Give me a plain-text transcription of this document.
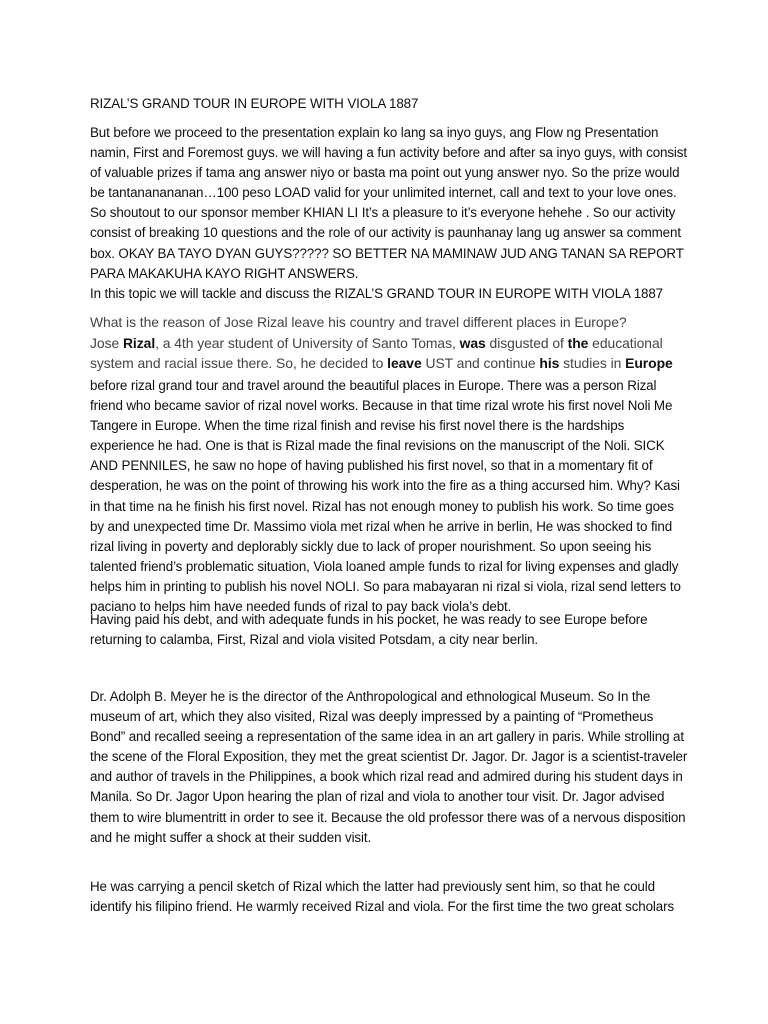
RIZAL’S GRAND TOUR IN EUROPE WITH VIOLA 1887

But before we proceed to the presentation explain ko lang sa inyo guys, ang Flow ng Presentation namin, First and Foremost guys. we will having a fun activity before and after sa inyo guys, with consist of valuable prizes if tama ang answer niyo or basta ma point out yung answer nyo. So the prize would be tantananananan…100 peso LOAD valid for your unlimited internet, call and text to your love ones. So shoutout to our sponsor member KHIAN LI It’s a pleasure to it’s everyone hehehe . So our activity consist of breaking 10 questions and the role of our activity is paunhanay lang ug answer sa comment box. OKAY BA TAYO DYAN GUYS????? SO BETTER NA MAMINAW JUD ANG TANAN SA REPORT PARA MAKAKUHA KAYO RIGHT ANSWERS.

In this topic we will tackle and discuss the RIZAL’S GRAND TOUR IN EUROPE WITH VIOLA 1887

What is the reason of Jose Rizal leave his country and travel different places in Europe?
Jose Rizal, a 4th year student of University of Santo Tomas, was disgusted of the educational system and racial issue there. So, he decided to leave UST and continue his studies in Europe

before rizal grand tour and travel around the beautiful places in Europe. There was a person Rizal friend who became savior of rizal novel works. Because in that time rizal wrote his first novel Noli Me Tangere in Europe. When the time rizal finish and revise his first novel there is the hardships experience he had. One is that is Rizal made the final revisions on the manuscript of the Noli. SICK AND PENNILES, he saw no hope of having published his first novel, so that in a momentary fit of desperation, he was on the point of throwing his work into the fire as a thing accursed him. Why? Kasi in that time na he finish his first novel. Rizal has not enough money to publish his work. So time goes by and unexpected time Dr. Massimo viola met rizal when he arrive in berlin, He was shocked to find rizal living in poverty and deplorably sickly due to lack of proper nourishment. So upon seeing his talented friend’s problematic situation, Viola loaned ample funds to rizal for living expenses and gladly helps him in printing to publish his novel NOLI. So para mabayaran ni rizal si viola, rizal send letters to paciano to helps him have needed funds of rizal to pay back viola’s debt.

Having paid his debt, and with adequate funds in his pocket, he was ready to see Europe before returning to calamba, First, Rizal and viola visited Potsdam, a city near berlin.

Dr. Adolph B. Meyer he is the director of the Anthropological and ethnological Museum. So In the museum of art, which they also visited, Rizal was deeply impressed by a painting of “Prometheus Bond” and recalled seeing a representation of the same idea in an art gallery in paris. While strolling at the scene of the Floral Exposition, they met the great scientist Dr. Jagor. Dr. Jagor is a scientist-traveler and author of travels in the Philippines, a book which rizal read and admired during his student days in Manila. So Dr. Jagor Upon hearing the plan of rizal and viola to another tour visit. Dr. Jagor advised them to wire blumentritt in order to see it. Because the old professor there was of a nervous disposition and he might suffer a shock at their sudden visit.

He was carrying a pencil sketch of Rizal which the latter had previously sent him, so that he could identify his filipino friend. He warmly received Rizal and viola. For the first time the two great scholars
